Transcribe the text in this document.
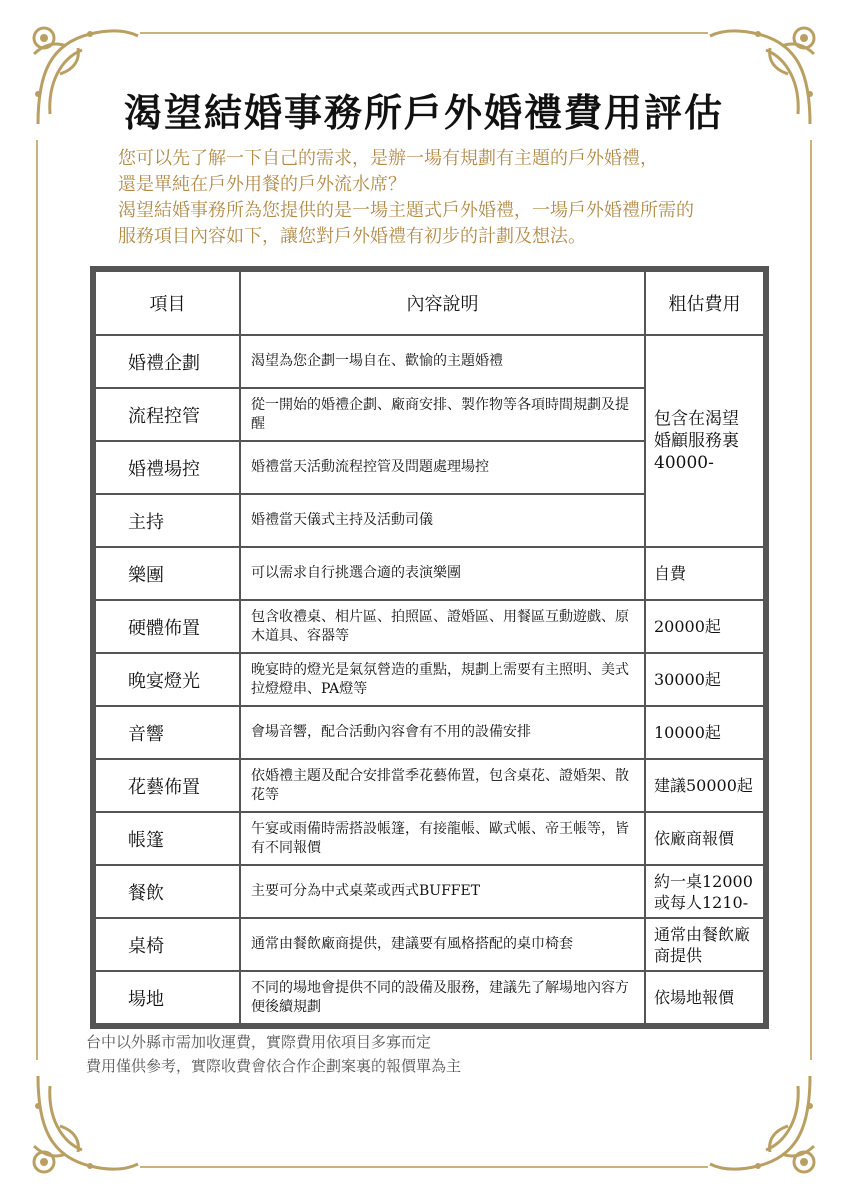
渴望結婚事務所戶外婚禮費用評估
您可以先了解一下自己的需求，是辦一場有規劃有主題的戶外婚禮，
還是單純在戶外用餐的戶外流水席？
渴望結婚事務所為您提供的是一場主題式戶外婚禮，一場戶外婚禮所需的
服務項目內容如下，讓您對戶外婚禮有初步的計劃及想法。
項目	內容說明	粗估費用
婚禮企劃	渴望為您企劃一場自在、歡愉的主題婚禮	包含在渴望婚顧服務裏40000-
流程控管	從一開始的婚禮企劃、廠商安排、製作物等各項時間規劃及提醒	
婚禮場控	婚禮當天活動流程控管及問題處理場控	
主持	婚禮當天儀式主持及活動司儀	
樂團	可以需求自行挑選合適的表演樂團	自費
硬體佈置	包含收禮桌、相片區、拍照區、證婚區、用餐區互動遊戲、原木道具、容器等	20000起
晚宴燈光	晚宴時的燈光是氣氛營造的重點，規劃上需要有主照明、美式拉燈燈串、PA燈等	30000起
音響	會場音響，配合活動內容會有不用的設備安排	10000起
花藝佈置	依婚禮主題及配合安排當季花藝佈置，包含桌花、證婚架、散花等	建議50000起
帳篷	午宴或雨備時需搭設帳篷，有接龍帳、歐式帳、帝王帳等，皆有不同報價	依廠商報價
餐飲	主要可分為中式桌菜或西式BUFFET	約一桌12000或每人1210-
桌椅	通常由餐飲廠商提供，建議要有風格搭配的桌巾椅套	通常由餐飲廠商提供
場地	不同的場地會提供不同的設備及服務，建議先了解場地內容方便後續規劃	依場地報價
台中以外縣市需加收運費，實際費用依項目多寡而定
費用僅供參考，實際收費會依合作企劃案裏的報價單為主
